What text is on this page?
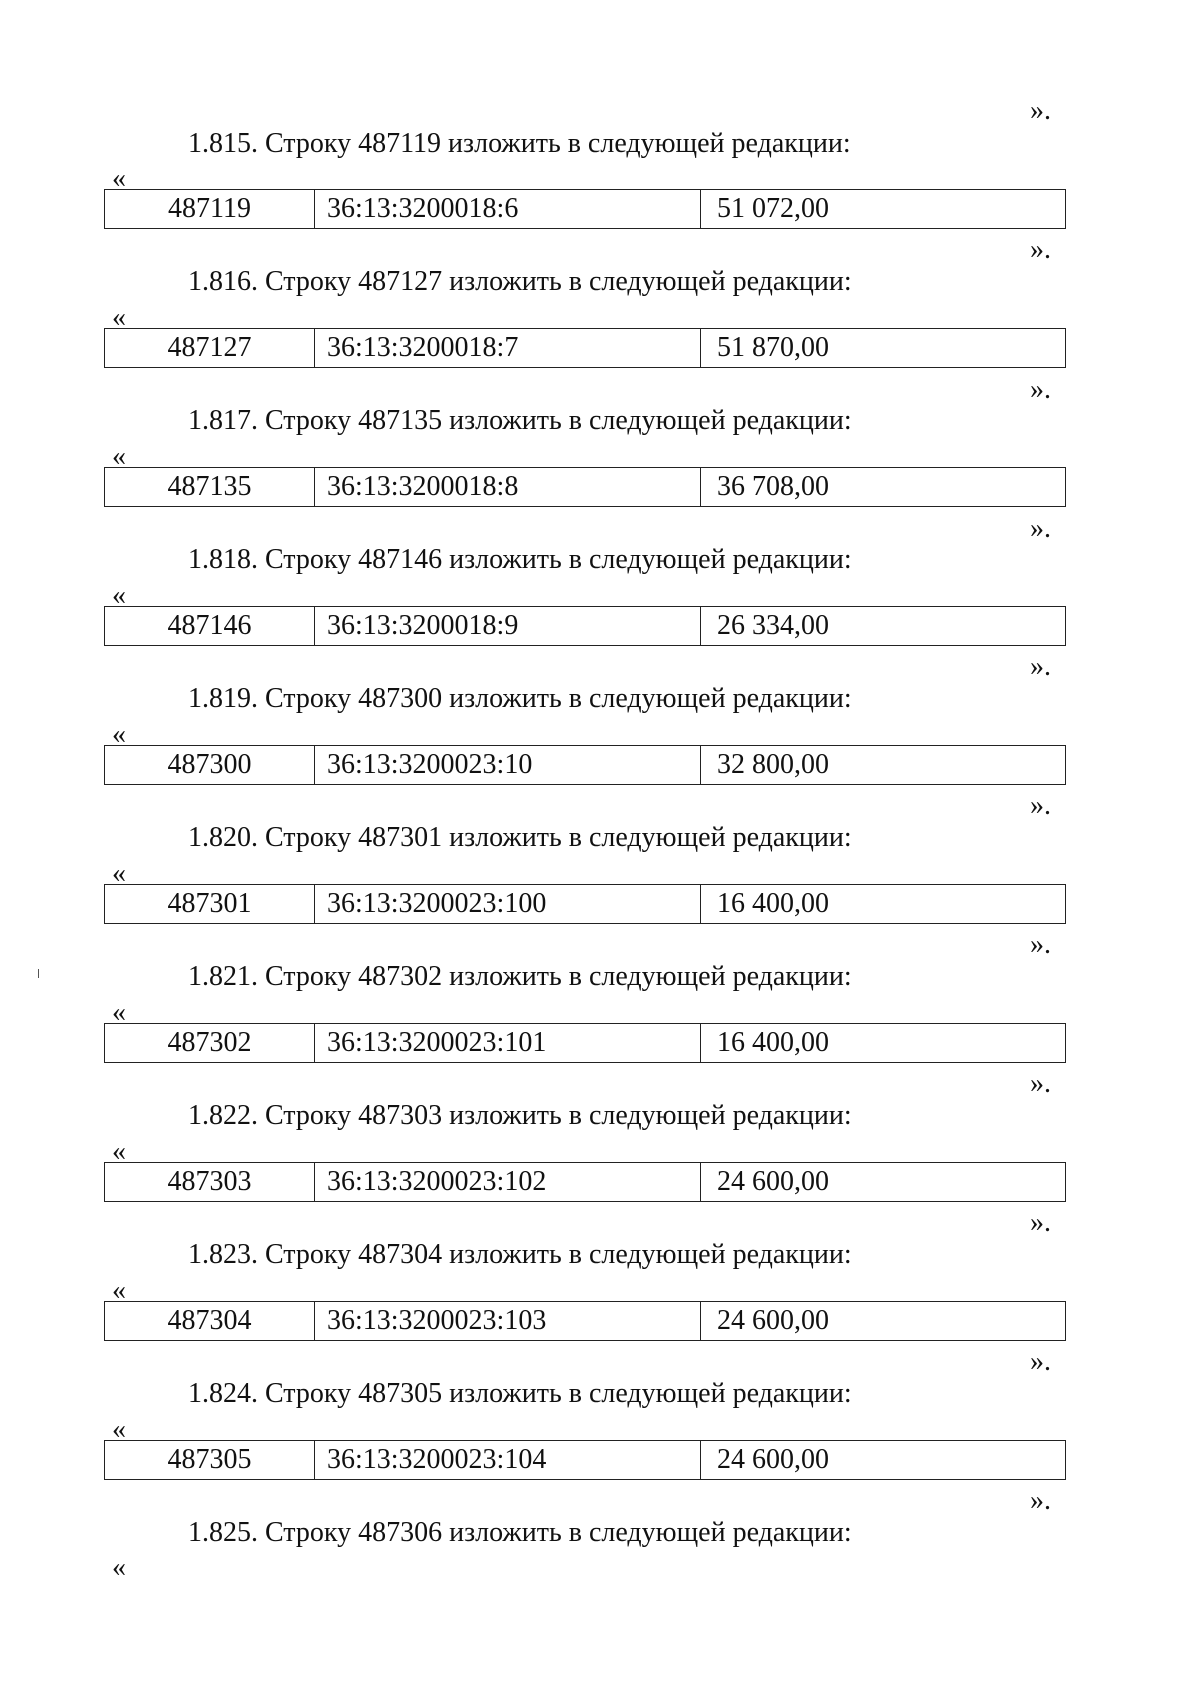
».
1.815. Строку 487119 изложить в следующей редакции:
«
487119	36:13:3200018:6	51 072,00
».
1.816. Строку 487127 изложить в следующей редакции:
«
487127	36:13:3200018:7	51 870,00
».
1.817. Строку 487135 изложить в следующей редакции:
«
487135	36:13:3200018:8	36 708,00
».
1.818. Строку 487146 изложить в следующей редакции:
«
487146	36:13:3200018:9	26 334,00
».
1.819. Строку 487300 изложить в следующей редакции:
«
487300	36:13:3200023:10	32 800,00
».
1.820. Строку 487301 изложить в следующей редакции:
«
487301	36:13:3200023:100	16 400,00
».
1.821. Строку 487302 изложить в следующей редакции:
«
487302	36:13:3200023:101	16 400,00
».
1.822. Строку 487303 изложить в следующей редакции:
«
487303	36:13:3200023:102	24 600,00
».
1.823. Строку 487304 изложить в следующей редакции:
«
487304	36:13:3200023:103	24 600,00
».
1.824. Строку 487305 изложить в следующей редакции:
«
487305	36:13:3200023:104	24 600,00
».
1.825. Строку 487306 изложить в следующей редакции:
«
